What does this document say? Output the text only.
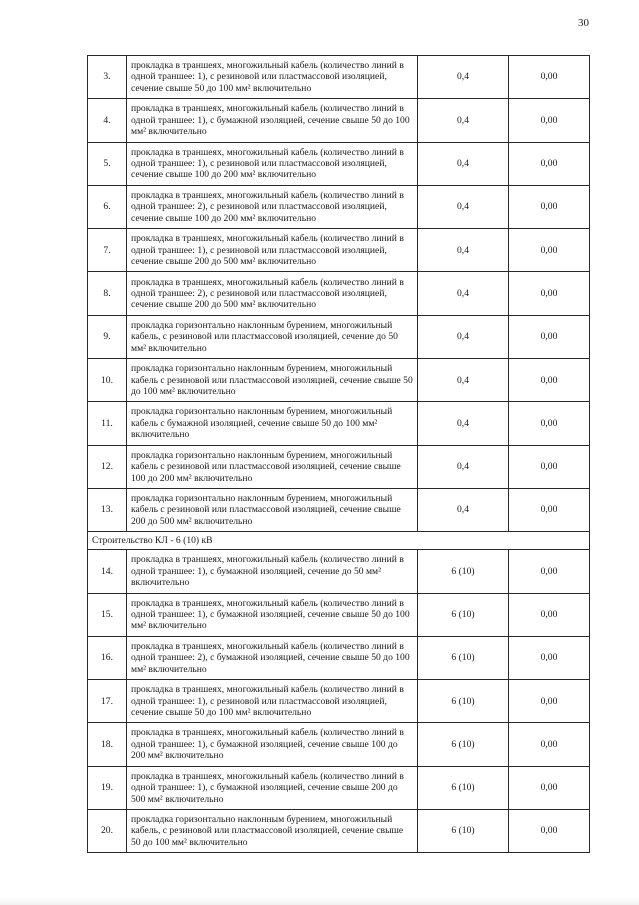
30
3.	прокладка в траншеях, многожильный кабель (количество линий в одной траншее: 1), с резиновой или пластмассовой изоляцией, сечение свыше 50 до 100 мм² включительно	0,4	0,00
4.	прокладка в траншеях, многожильный кабель (количество линий в одной траншее: 1), с бумажной изоляцией, сечение свыше 50 до 100 мм² включительно	0,4	0,00
5.	прокладка в траншеях, многожильный кабель (количество линий в одной траншее: 1), с резиновой или пластмассовой изоляцией, сечение свыше 100 до 200 мм² включительно	0,4	0,00
6.	прокладка в траншеях, многожильный кабель (количество линий в одной траншее: 2), с резиновой или пластмассовой изоляцией, сечение свыше 100 до 200 мм² включительно	0,4	0,00
7.	прокладка в траншеях, многожильный кабель (количество линий в одной траншее: 1), с резиновой или пластмассовой изоляцией, сечение свыше 200 до 500 мм² включительно	0,4	0,00
8.	прокладка в траншеях, многожильный кабель (количество линий в одной траншее: 2), с резиновой или пластмассовой изоляцией, сечение свыше 200 до 500 мм² включительно	0,4	0,00
9.	прокладка горизонтально наклонным бурением, многожильный кабель, с резиновой или пластмассовой изоляцией, сечение до 50 мм² включительно	0,4	0,00
10.	прокладка горизонтально наклонным бурением, многожильный кабель с резиновой или пластмассовой изоляцией, сечение свыше 50 до 100 мм² включительно	0,4	0,00
11.	прокладка горизонтально наклонным бурением, многожильный кабель с бумажной изоляцией, сечение свыше 50 до 100 мм² включительно	0,4	0,00
12.	прокладка горизонтально наклонным бурением, многожильный кабель с резиновой или пластмассовой изоляцией, сечение свыше 100 до 200 мм² включительно	0,4	0,00
13.	прокладка горизонтально наклонным бурением, многожильный кабель с резиновой или пластмассовой изоляцией, сечение свыше 200 до 500 мм² включительно	0,4	0,00
Строительство КЛ - 6 (10) кВ			
14.	прокладка в траншеях, многожильный кабель (количество линий в одной траншее: 1), с бумажной изоляцией, сечение до 50 мм² включительно	6 (10)	0,00
15.	прокладка в траншеях, многожильный кабель (количество линий в одной траншее: 1), с бумажной изоляцией, сечение свыше 50 до 100 мм² включительно	6 (10)	0,00
16.	прокладка в траншеях, многожильный кабель (количество линий в одной траншее: 2), с бумажной изоляцией, сечение свыше 50 до 100 мм² включительно	6 (10)	0,00
17.	прокладка в траншеях, многожильный кабель (количество линий в одной траншее: 1), с резиновой или пластмассовой изоляцией, сечение свыше 50 до 100 мм² включительно	6 (10)	0,00
18.	прокладка в траншеях, многожильный кабель (количество линий в одной траншее: 1), с бумажной изоляцией, сечение свыше 100 до 200 мм² включительно	6 (10)	0,00
19.	прокладка в траншеях, многожильный кабель (количество линий в одной траншее: 1), с бумажной изоляцией, сечение свыше 200 до 500 мм² включительно	6 (10)	0,00
20.	прокладка горизонтально наклонным бурением, многожильный кабель, с резиновой или пластмассовой изоляцией, сечение свыше 50 до 100 мм² включительно	6 (10)	0,00
